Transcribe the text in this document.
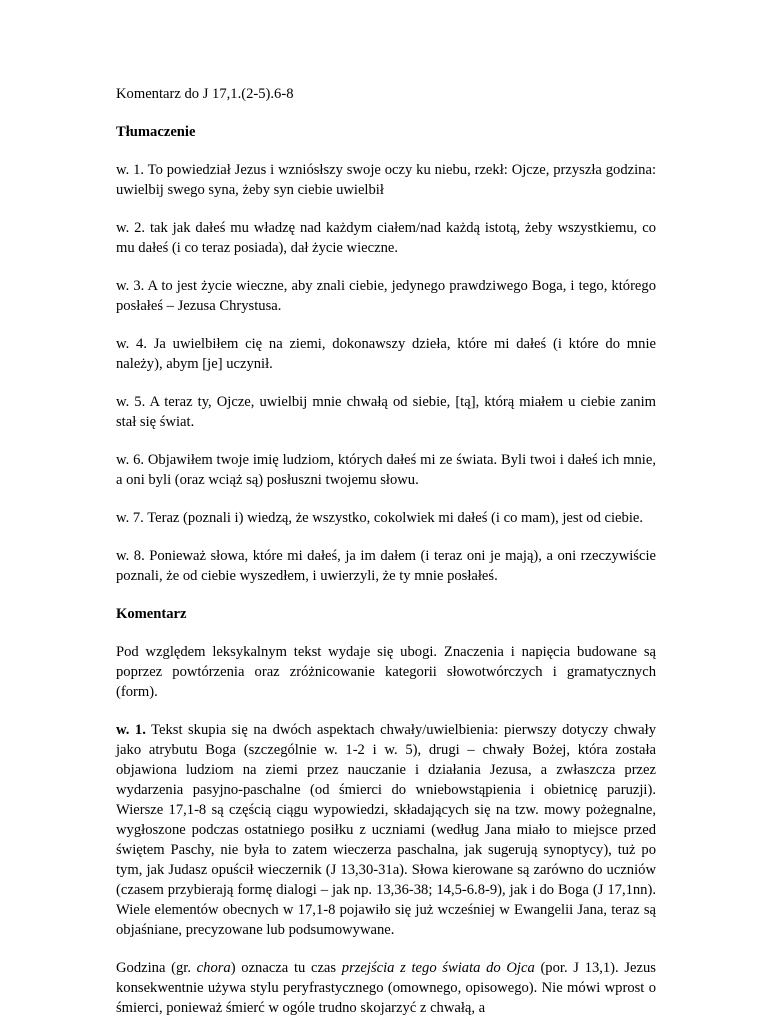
Komentarz do J 17,1.(2-5).6-8

Tłumaczenie

w. 1. To powiedział Jezus i wzniósłszy swoje oczy ku niebu, rzekł: Ojcze, przyszła godzina: uwielbij swego syna, żeby syn ciebie uwielbił

w. 2. tak jak dałeś mu władzę nad każdym ciałem/nad każdą istotą, żeby wszystkiemu, co mu dałeś (i co teraz posiada), dał życie wieczne.

w. 3. A to jest życie wieczne, aby znali ciebie, jedynego prawdziwego Boga, i tego, którego posłałeś – Jezusa Chrystusa.

w. 4. Ja uwielbiłem cię na ziemi, dokonawszy dzieła, które mi dałeś (i które do mnie należy), abym [je] uczynił.

w. 5. A teraz ty, Ojcze, uwielbij mnie chwałą od siebie, [tą], którą miałem u ciebie zanim stał się świat.

w. 6. Objawiłem twoje imię ludziom, których dałeś mi ze świata. Byli twoi i dałeś ich mnie, a oni byli (oraz wciąż są) posłuszni twojemu słowu.

w. 7. Teraz (poznali i) wiedzą, że wszystko, cokolwiek mi dałeś (i co mam), jest od ciebie.

w. 8. Ponieważ słowa, które mi dałeś, ja im dałem (i teraz oni je mają), a oni rzeczywiście poznali, że od ciebie wyszedłem, i uwierzyli, że ty mnie posłałeś.

Komentarz

Pod względem leksykalnym tekst wydaje się ubogi. Znaczenia i napięcia budowane są poprzez powtórzenia oraz zróżnicowanie kategorii słowotwórczych i gramatycznych (form).

w. 1. Tekst skupia się na dwóch aspektach chwały/uwielbienia: pierwszy dotyczy chwały jako atrybutu Boga (szczególnie w. 1-2 i w. 5), drugi – chwały Bożej, która została objawiona ludziom na ziemi przez nauczanie i działania Jezusa, a zwłaszcza przez wydarzenia pasyjno-paschalne (od śmierci do wniebowstąpienia i obietnicę paruzji). Wiersze 17,1-8 są częścią ciągu wypowiedzi, składających się na tzw. mowy pożegnalne, wygłoszone podczas ostatniego posiłku z uczniami (według Jana miało to miejsce przed świętem Paschy, nie była to zatem wieczerza paschalna, jak sugerują synoptycy), tuż po tym, jak Judasz opuścił wieczernik (J 13,30-31a). Słowa kierowane są zarówno do uczniów (czasem przybierają formę dialogi – jak np. 13,36-38; 14,5-6.8-9), jak i do Boga (J 17,1nn). Wiele elementów obecnych w 17,1-8 pojawiło się już wcześniej w Ewangelii Jana, teraz są objaśniane, precyzowane lub podsumowywane.

Godzina (gr. chora) oznacza tu czas przejścia z tego świata do Ojca (por. J 13,1). Jezus konsekwentnie używa stylu peryfrastycznego (omownego, opisowego). Nie mówi wprost o śmierci, ponieważ śmierć w ogóle trudno skojarzyć z chwałą, a
